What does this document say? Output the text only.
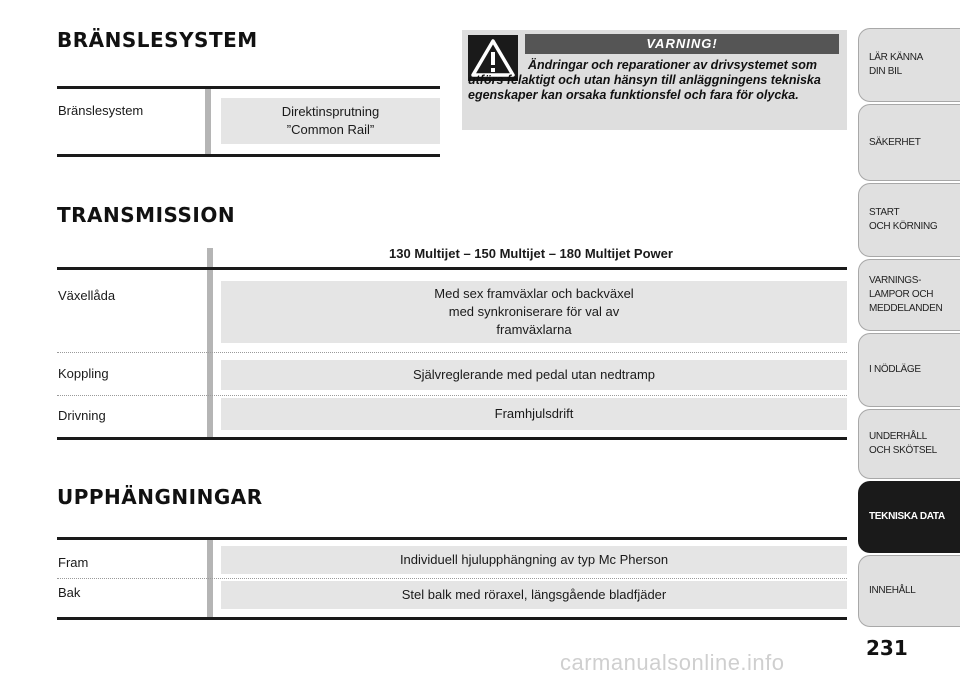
BRÄNSLESYSTEM
Bränslesystem	Direktinsprutning
”Common Rail”
VARNING!
Ändringar och reparationer av drivsystemet som utförs felaktigt och utan hänsyn till anläggningens tekniska egenskaper kan orsaka funktionsfel och fara för olycka.
TRANSMISSION
130 Multijet – 150 Multijet – 180 Multijet Power
Växellåda	Med sex framväxlar och backväxel
med synkroniserare för val av
framväxlarna
Koppling	Självreglerande med pedal utan nedtramp
Drivning	Framhjulsdrift
UPPHÄNGNINGAR
Fram	Individuell hjulupphängning av typ Mc Pherson
Bak	Stel balk med röraxel, längsgående bladfjäder
LÄR KÄNNA
DIN BIL
SÄKERHET
START
OCH KÖRNING
VARNINGS-
LAMPOR OCH
MEDDELANDEN
I NÖDLÄGE
UNDERHÅLL
OCH SKÖTSEL
TEKNISKA DATA
INNEHÅLL
231
carmanualsonline.info
